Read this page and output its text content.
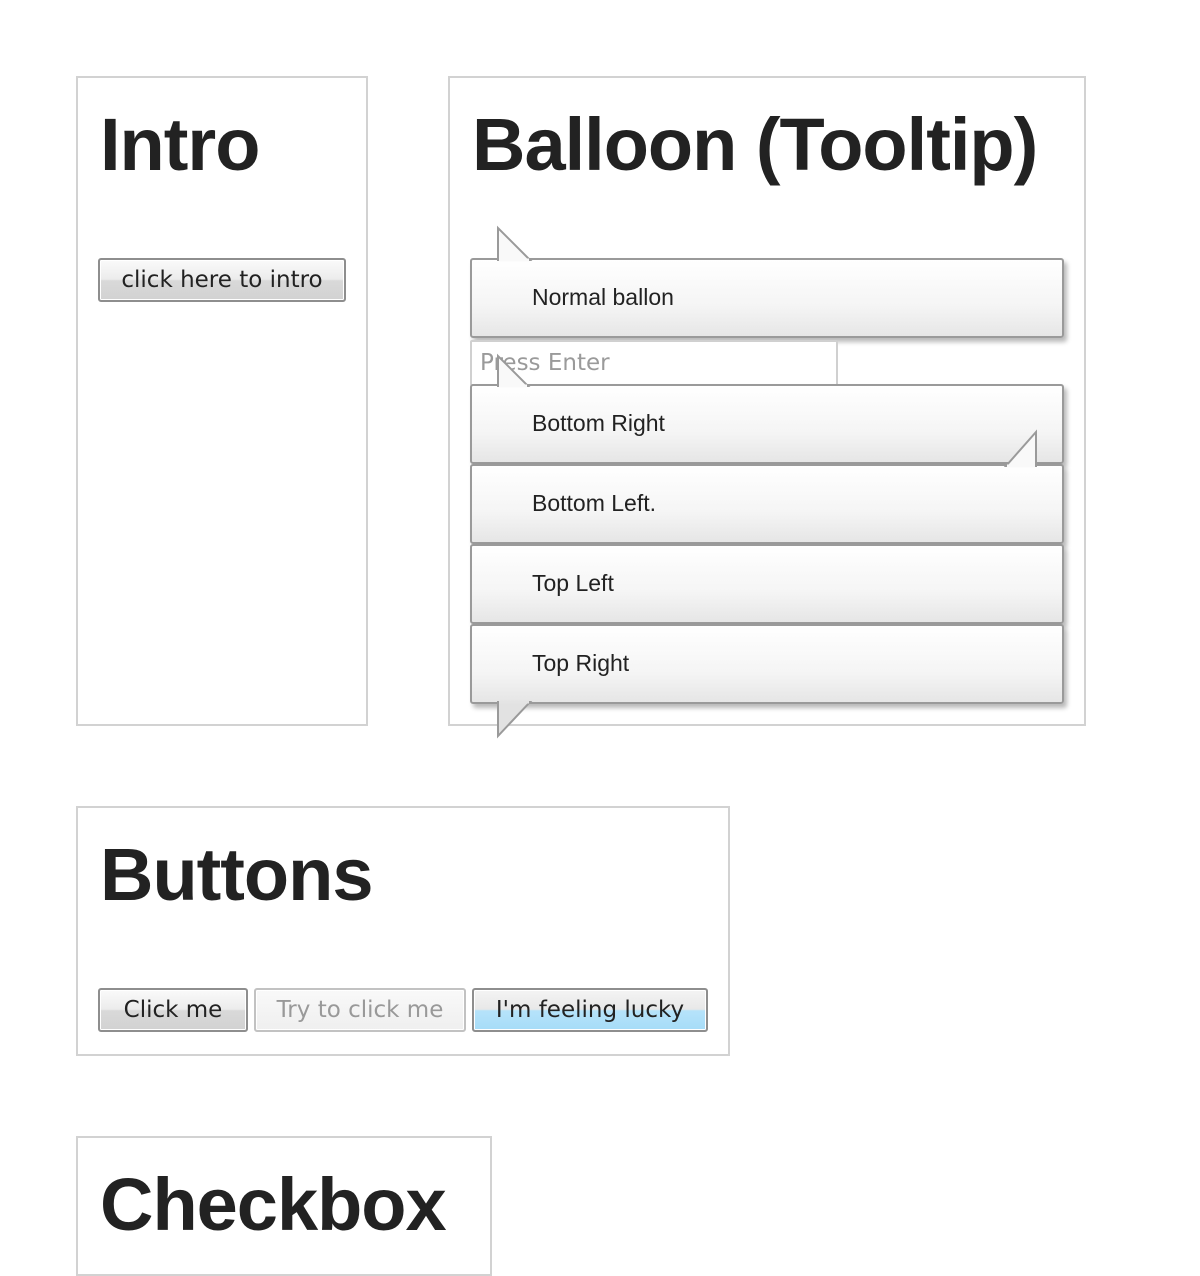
Intro
click here to intro
Balloon (Tooltip)
Normal ballon
Press Enter
Bottom Right
Bottom Left.
Top Left
Top Right
Buttons
Click me	Try to click me	I'm feeling lucky
Checkbox
